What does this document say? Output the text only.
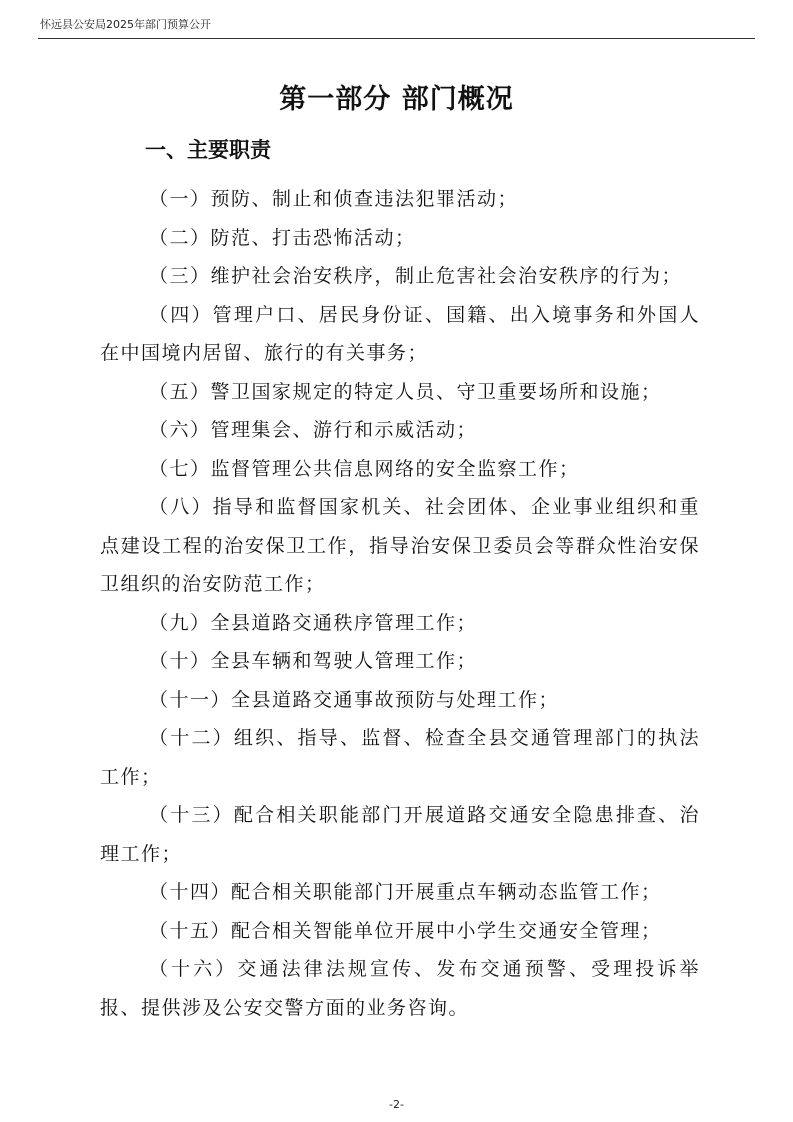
怀远县公安局2025年部门预算公开
第一部分 部门概况
一、主要职责
（一）预防、制止和侦查违法犯罪活动；
（二）防范、打击恐怖活动；
（三）维护社会治安秩序，制止危害社会治安秩序的行为；
（四）管理户口、居民身份证、国籍、出入境事务和外国人在中国境内居留、旅行的有关事务；
（五）警卫国家规定的特定人员、守卫重要场所和设施；
（六）管理集会、游行和示威活动；
（七）监督管理公共信息网络的安全监察工作；
（八）指导和监督国家机关、社会团体、企业事业组织和重点建设工程的治安保卫工作，指导治安保卫委员会等群众性治安保卫组织的治安防范工作；
（九）全县道路交通秩序管理工作；
（十）全县车辆和驾驶人管理工作；
（十一）全县道路交通事故预防与处理工作；
（十二）组织、指导、监督、检查全县交通管理部门的执法工作；
（十三）配合相关职能部门开展道路交通安全隐患排查、治理工作；
（十四）配合相关职能部门开展重点车辆动态监管工作；
（十五）配合相关智能单位开展中小学生交通安全管理；
（十六）交通法律法规宣传、发布交通预警、受理投诉举报、提供涉及公安交警方面的业务咨询。
-2-
